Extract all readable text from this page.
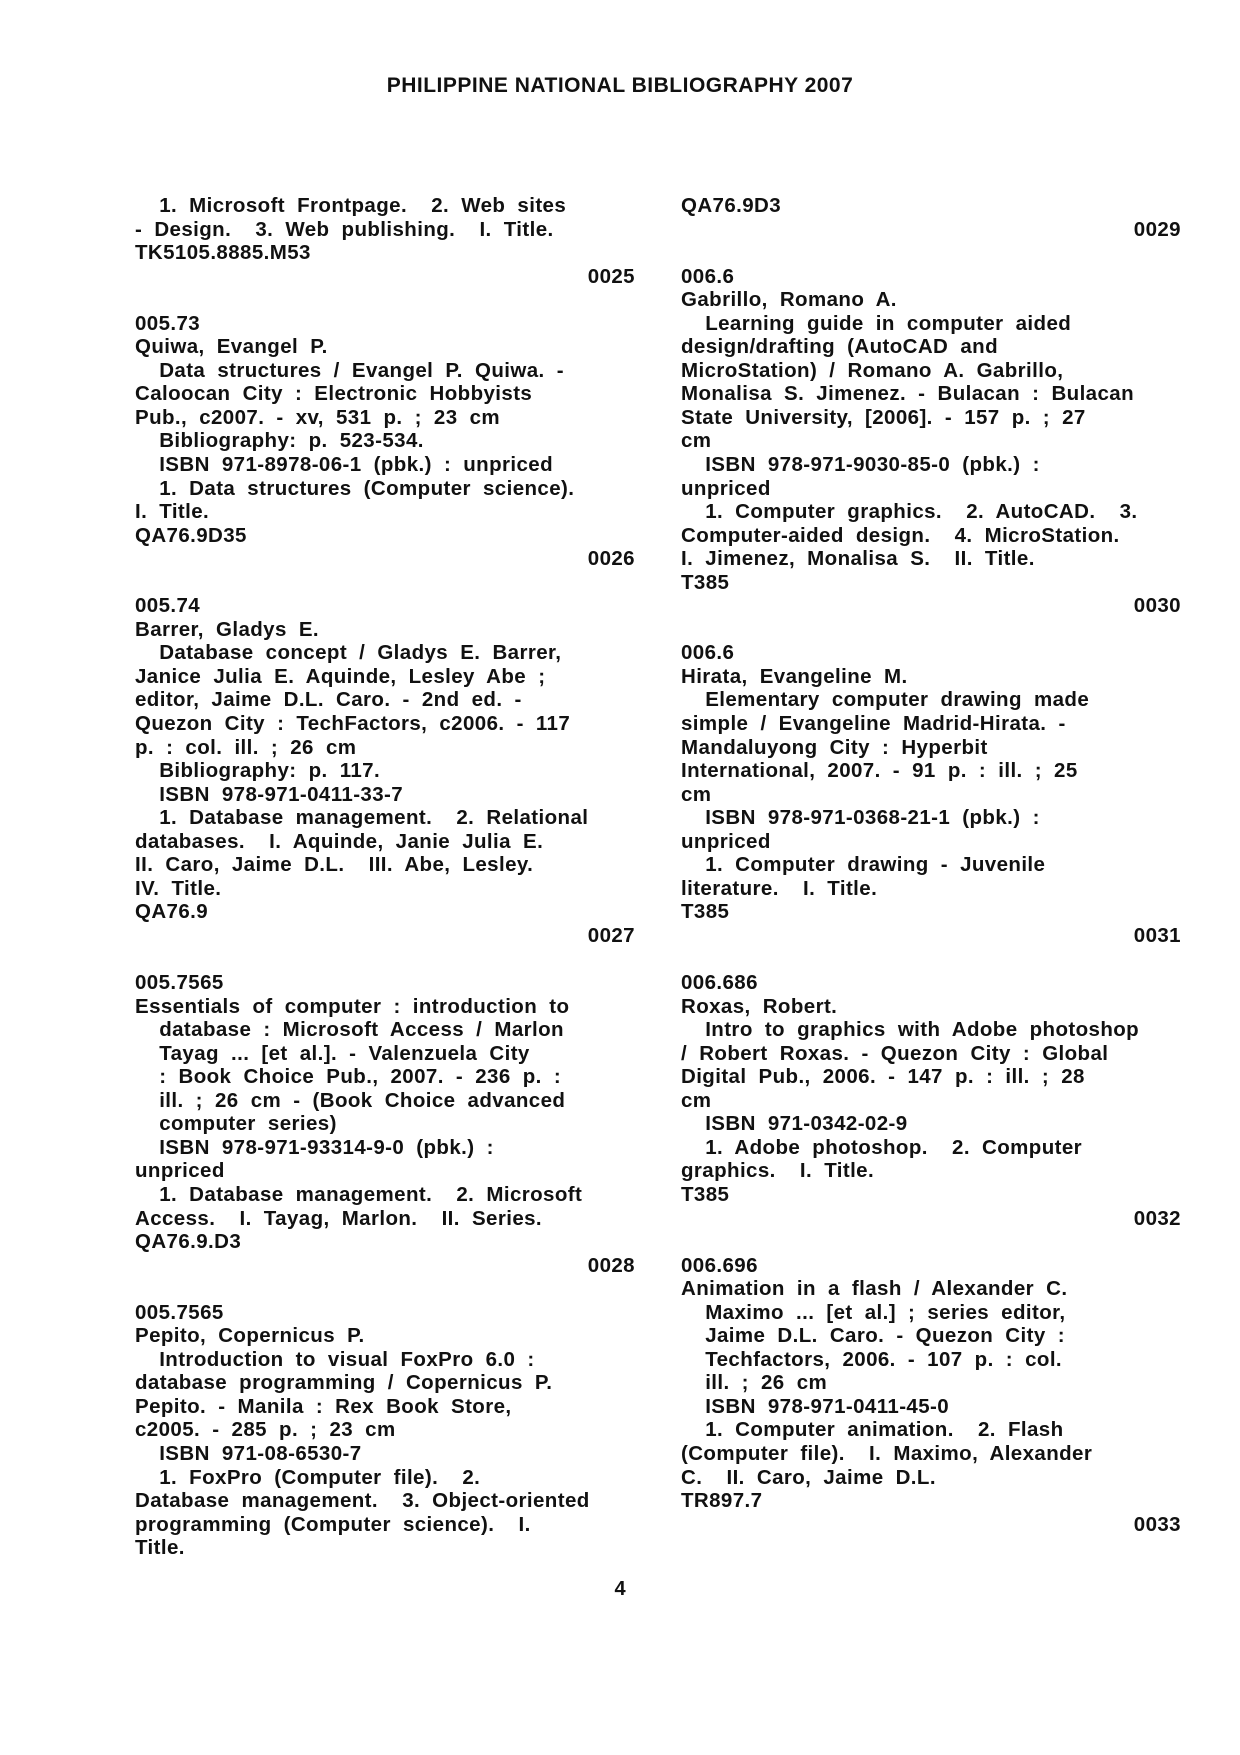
PHILIPPINE NATIONAL BIBLIOGRAPHY 2007
1. Microsoft Frontpage.  2. Web sites
- Design.  3. Web publishing.  I. Title.
TK5105.8885.M53
0025
005.73
Quiwa, Evangel P.
Data structures / Evangel P. Quiwa. -
Caloocan City : Electronic Hobbyists
Pub., c2007. - xv, 531 p. ; 23 cm
Bibliography: p. 523-534.
ISBN 971-8978-06-1 (pbk.) : unpriced
1. Data structures (Computer science).
I. Title.
QA76.9D35
0026
005.74
Barrer, Gladys E.
Database concept / Gladys E. Barrer,
Janice Julia E. Aquinde, Lesley Abe ;
editor, Jaime D.L. Caro. - 2nd ed. -
Quezon City : TechFactors, c2006. - 117
p. : col. ill. ; 26 cm
Bibliography: p. 117.
ISBN 978-971-0411-33-7
1. Database management.  2. Relational
databases.  I. Aquinde, Janie Julia E.
II. Caro, Jaime D.L.  III. Abe, Lesley.
IV. Title.
QA76.9
0027
005.7565
Essentials of computer : introduction to
database : Microsoft Access / Marlon
Tayag ... [et al.]. - Valenzuela City
: Book Choice Pub., 2007. - 236 p. :
ill. ; 26 cm - (Book Choice advanced
computer series)
ISBN 978-971-93314-9-0 (pbk.) :
unpriced
1. Database management.  2. Microsoft
Access.  I. Tayag, Marlon.  II. Series.
QA76.9.D3
0028
005.7565
Pepito, Copernicus P.
Introduction to visual FoxPro 6.0 :
database programming / Copernicus P.
Pepito. - Manila : Rex Book Store,
c2005. - 285 p. ; 23 cm
ISBN 971-08-6530-7
1. FoxPro (Computer file).  2.
Database management.  3. Object-oriented
programming (Computer science).  I.
Title.
QA76.9D3
0029
006.6
Gabrillo, Romano A.
Learning guide in computer aided
design/drafting (AutoCAD and
MicroStation) / Romano A. Gabrillo,
Monalisa S. Jimenez. - Bulacan : Bulacan
State University, [2006]. - 157 p. ; 27
cm
ISBN 978-971-9030-85-0 (pbk.) :
unpriced
1. Computer graphics.  2. AutoCAD.  3.
Computer-aided design.  4. MicroStation.
I. Jimenez, Monalisa S.  II. Title.
T385
0030
006.6
Hirata, Evangeline M.
Elementary computer drawing made
simple / Evangeline Madrid-Hirata. -
Mandaluyong City : Hyperbit
International, 2007. - 91 p. : ill. ; 25
cm
ISBN 978-971-0368-21-1 (pbk.) :
unpriced
1. Computer drawing - Juvenile
literature.  I. Title.
T385
0031
006.686
Roxas, Robert.
Intro to graphics with Adobe photoshop
/ Robert Roxas. - Quezon City : Global
Digital Pub., 2006. - 147 p. : ill. ; 28
cm
ISBN 971-0342-02-9
1. Adobe photoshop.  2. Computer
graphics.  I. Title.
T385
0032
006.696
Animation in a flash / Alexander C.
Maximo ... [et al.] ; series editor,
Jaime D.L. Caro. - Quezon City :
Techfactors, 2006. - 107 p. : col.
ill. ; 26 cm
ISBN 978-971-0411-45-0
1. Computer animation.  2. Flash
(Computer file).  I. Maximo, Alexander
C.  II. Caro, Jaime D.L.
TR897.7
0033
4
